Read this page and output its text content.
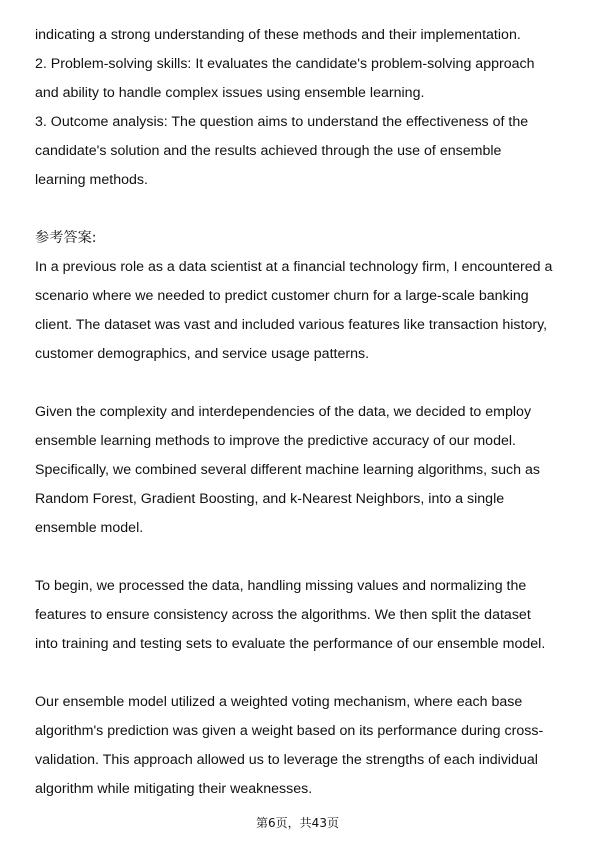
indicating a strong understanding of these methods and their implementation.
2. Problem-solving skills: It evaluates the candidate's problem-solving approach
and ability to handle complex issues using ensemble learning.
3. Outcome analysis: The question aims to understand the effectiveness of the
candidate's solution and the results achieved through the use of ensemble
learning methods.
参考答案:
In a previous role as a data scientist at a financial technology firm, I encountered a
scenario where we needed to predict customer churn for a large-scale banking
client. The dataset was vast and included various features like transaction history,
customer demographics, and service usage patterns.
Given the complexity and interdependencies of the data, we decided to employ
ensemble learning methods to improve the predictive accuracy of our model.
Specifically, we combined several different machine learning algorithms, such as
Random Forest, Gradient Boosting, and k-Nearest Neighbors, into a single
ensemble model.
To begin, we processed the data, handling missing values and normalizing the
features to ensure consistency across the algorithms. We then split the dataset
into training and testing sets to evaluate the performance of our ensemble model.
Our ensemble model utilized a weighted voting mechanism, where each base
algorithm's prediction was given a weight based on its performance during cross-
validation. This approach allowed us to leverage the strengths of each individual
algorithm while mitigating their weaknesses.
第6页，共43页
